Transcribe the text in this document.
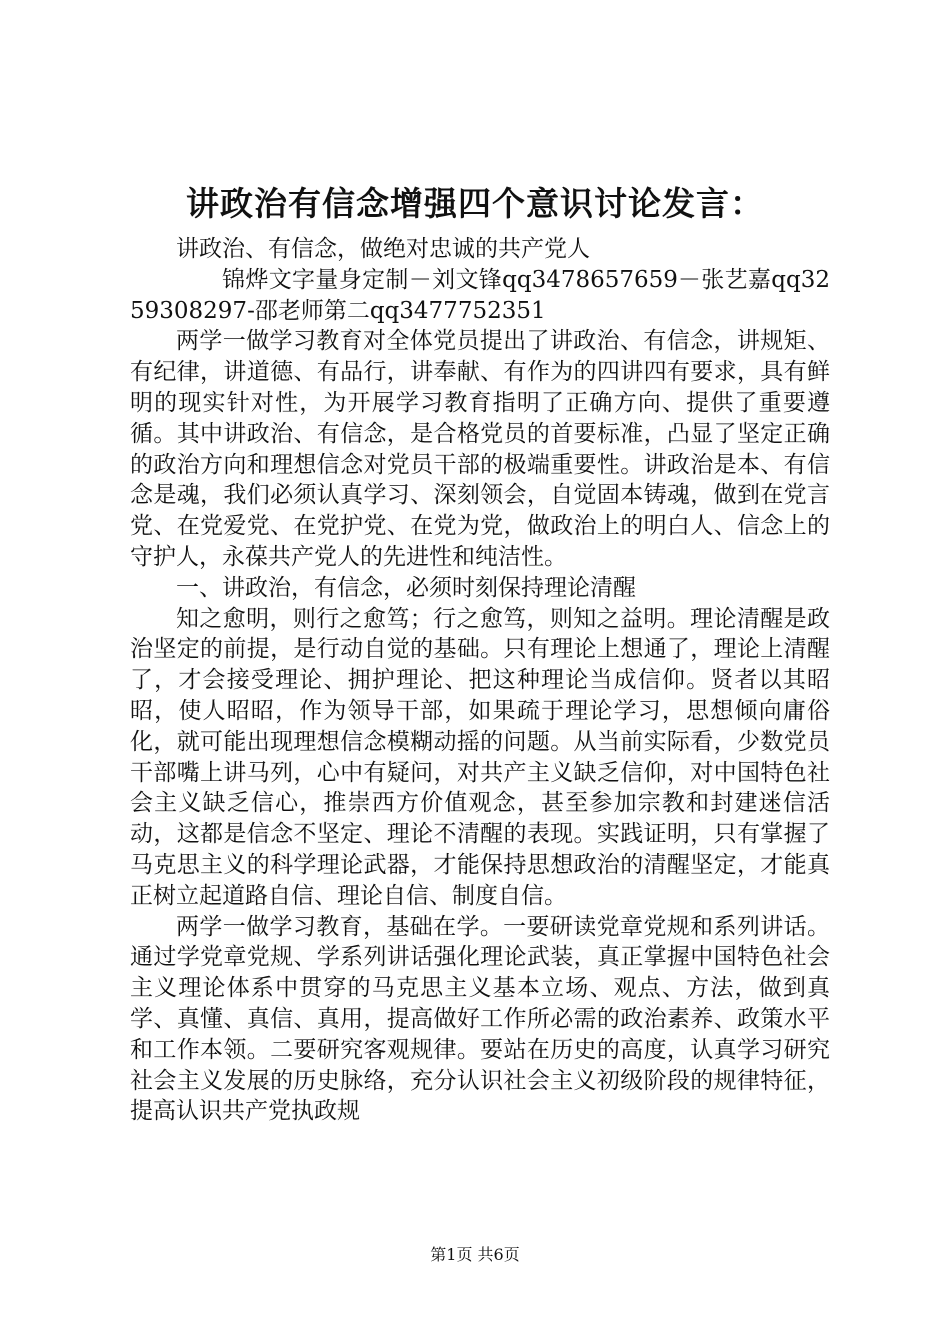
讲政治有信念增强四个意识讨论发言：

讲政治、有信念，做绝对忠诚的共产党人

锦烨文字量身定制－刘文锋qq3478657659－张艺嘉qq3259308297-邵老师第二qq3477752351

两学一做学习教育对全体党员提出了讲政治、有信念，讲规矩、有纪律，讲道德、有品行，讲奉献、有作为的四讲四有要求，具有鲜明的现实针对性，为开展学习教育指明了正确方向、提供了重要遵循。其中讲政治、有信念，是合格党员的首要标准，凸显了坚定正确的政治方向和理想信念对党员干部的极端重要性。讲政治是本、有信念是魂，我们必须认真学习、深刻领会，自觉固本铸魂，做到在党言党、在党爱党、在党护党、在党为党，做政治上的明白人、信念上的守护人，永葆共产党人的先进性和纯洁性。

一、讲政治，有信念，必须时刻保持理论清醒

知之愈明，则行之愈笃；行之愈笃，则知之益明。理论清醒是政治坚定的前提，是行动自觉的基础。只有理论上想通了，理论上清醒了，才会接受理论、拥护理论、把这种理论当成信仰。贤者以其昭昭，使人昭昭，作为领导干部，如果疏于理论学习，思想倾向庸俗化，就可能出现理想信念模糊动摇的问题。从当前实际看，少数党员干部嘴上讲马列，心中有疑问，对共产主义缺乏信仰，对中国特色社会主义缺乏信心，推崇西方价值观念，甚至参加宗教和封建迷信活动，这都是信念不坚定、理论不清醒的表现。实践证明，只有掌握了马克思主义的科学理论武器，才能保持思想政治的清醒坚定，才能真正树立起道路自信、理论自信、制度自信。

两学一做学习教育，基础在学。一要研读党章党规和系列讲话。通过学党章党规、学系列讲话强化理论武装，真正掌握中国特色社会主义理论体系中贯穿的马克思主义基本立场、观点、方法，做到真学、真懂、真信、真用，提高做好工作所必需的政治素养、政策水平和工作本领。二要研究客观规律。要站在历史的高度，认真学习研究社会主义发展的历史脉络，充分认识社会主义初级阶段的规律特征，提高认识共产党执政规

第1页 共6页
